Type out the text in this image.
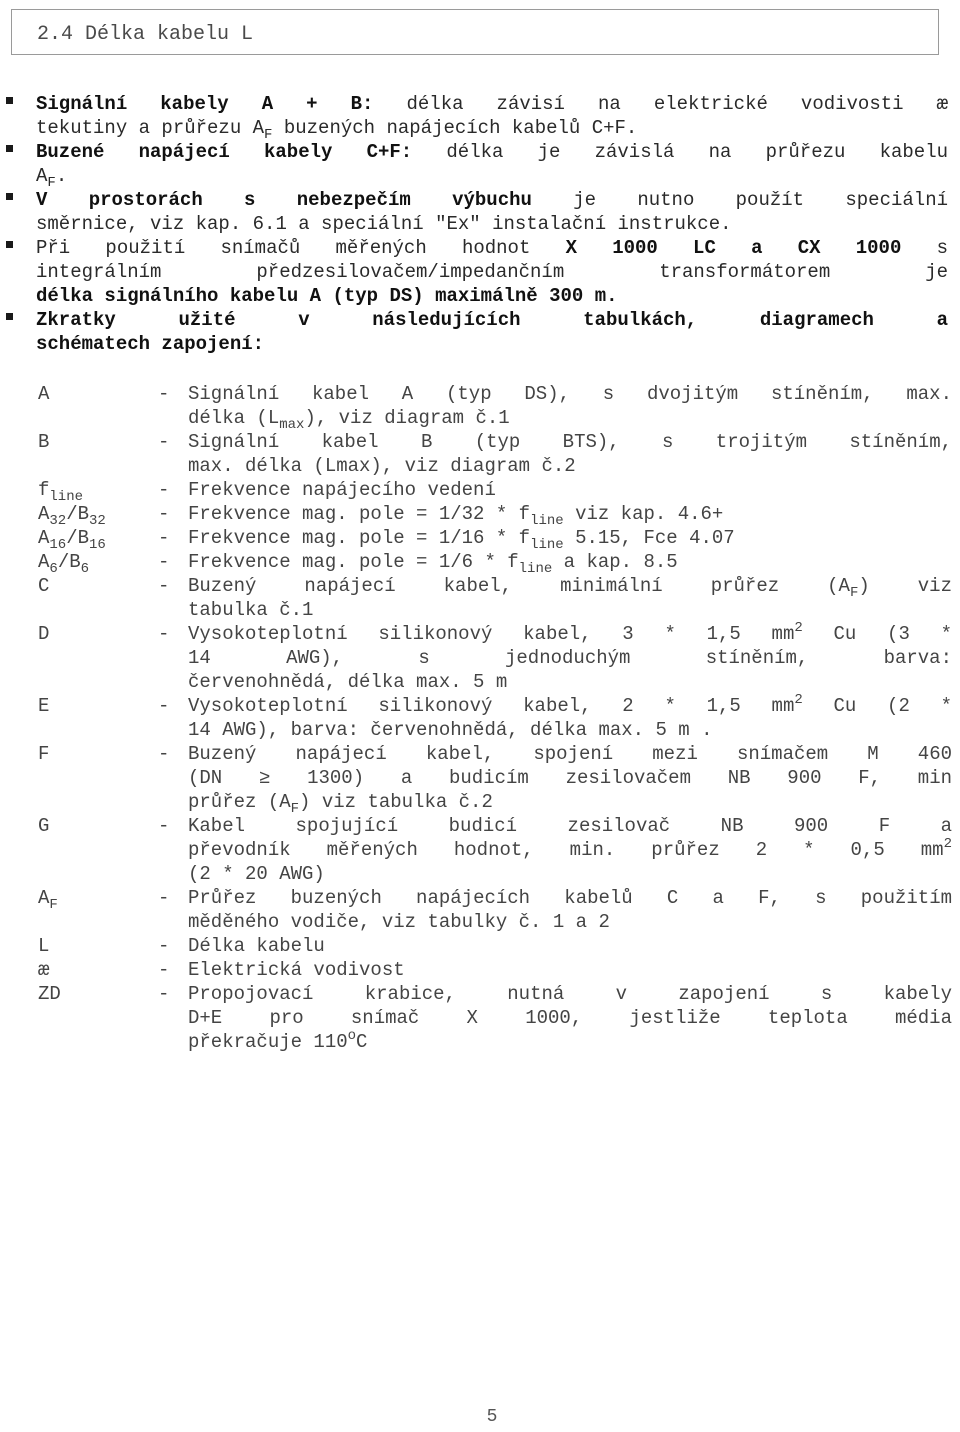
2.4 Délka kabelu L
Signální kabely A + B: délka závisí na elektrické vodivosti æ
tekutiny a průřezu $A_F$ buzených napájecích kabelů C+F.
Buzené napájecí kabely C+F: délka je závislá na průřezu kabelu
$A_F$.
V prostorách s nebezpečím výbuchu je nutno použít speciální
směrnice, viz kap. 6.1 a speciální "Ex" instalační instrukce.
Při použití snímačů měřených hodnot X 1000 LC a CX 1000 s
integrálním předzesilovačem/impedančním transformátorem je
délka signálního kabelu A (typ DS) maximálně 300 m.
Zkratky užité v následujících tabulkách, diagramech a
schématech zapojení:
A	- Signální kabel A (typ DS), s dvojitým stíněním, max.
délka $(L_{max})$, viz diagram č.1
B	- Signální kabel B (typ BTS), s trojitým stíněním,
max. délka (Lmax), viz diagram č.2
$f_{line}$	- Frekvence napájecího vedení
$A_{32}/B_{32}$	- Frekvence mag. pole = $1/32 * f_{line}$ viz kap. 4.6+
$A_{16}/B_{16}$	- Frekvence mag. pole = $1/16 * f_{line}$ 5.15, Fce 4.07
$A_6/B_6$	- Frekvence mag. pole = $1/6 * f_{line}$ a kap. 8.5
C	- Buzený napájecí kabel, minimální průřez $(A_F)$ viz
tabulka č.1
D	- Vysokoteplotní silikonový kabel, 3 * 1,5 $mm^2$ Cu (3 *
14 AWG), s jednoduchým stíněním, barva:
červenohnědá, délka max. 5 m
E	- Vysokoteplotní silikonový kabel, 2 * 1,5 $mm^2$ Cu (2 *
14 AWG), barva: červenohnědá, délka max. 5 m .
F	- Buzený napájecí kabel, spojení mezi snímačem M 460
(DN ≥ 1300) a budicím zesilovačem NB 900 F, min
průřez $(A_F)$ viz tabulka č.2
G	- Kabel spojující budicí zesilovač NB 900 F a
převodník měřených hodnot, min. průřez 2 * 0,5 $mm^2$
(2 * 20 AWG)
$A_F$	- Průřez buzených napájecích kabelů C a F, s použitím
měděného vodiče, viz tabulky č. 1 a 2
L	- Délka kabelu
æ	- Elektrická vodivost
ZD	- Propojovací krabice, nutná v zapojení s kabely
D+E pro snímač X 1000, jestliže teplota média
překračuje 110$^o$C
5
